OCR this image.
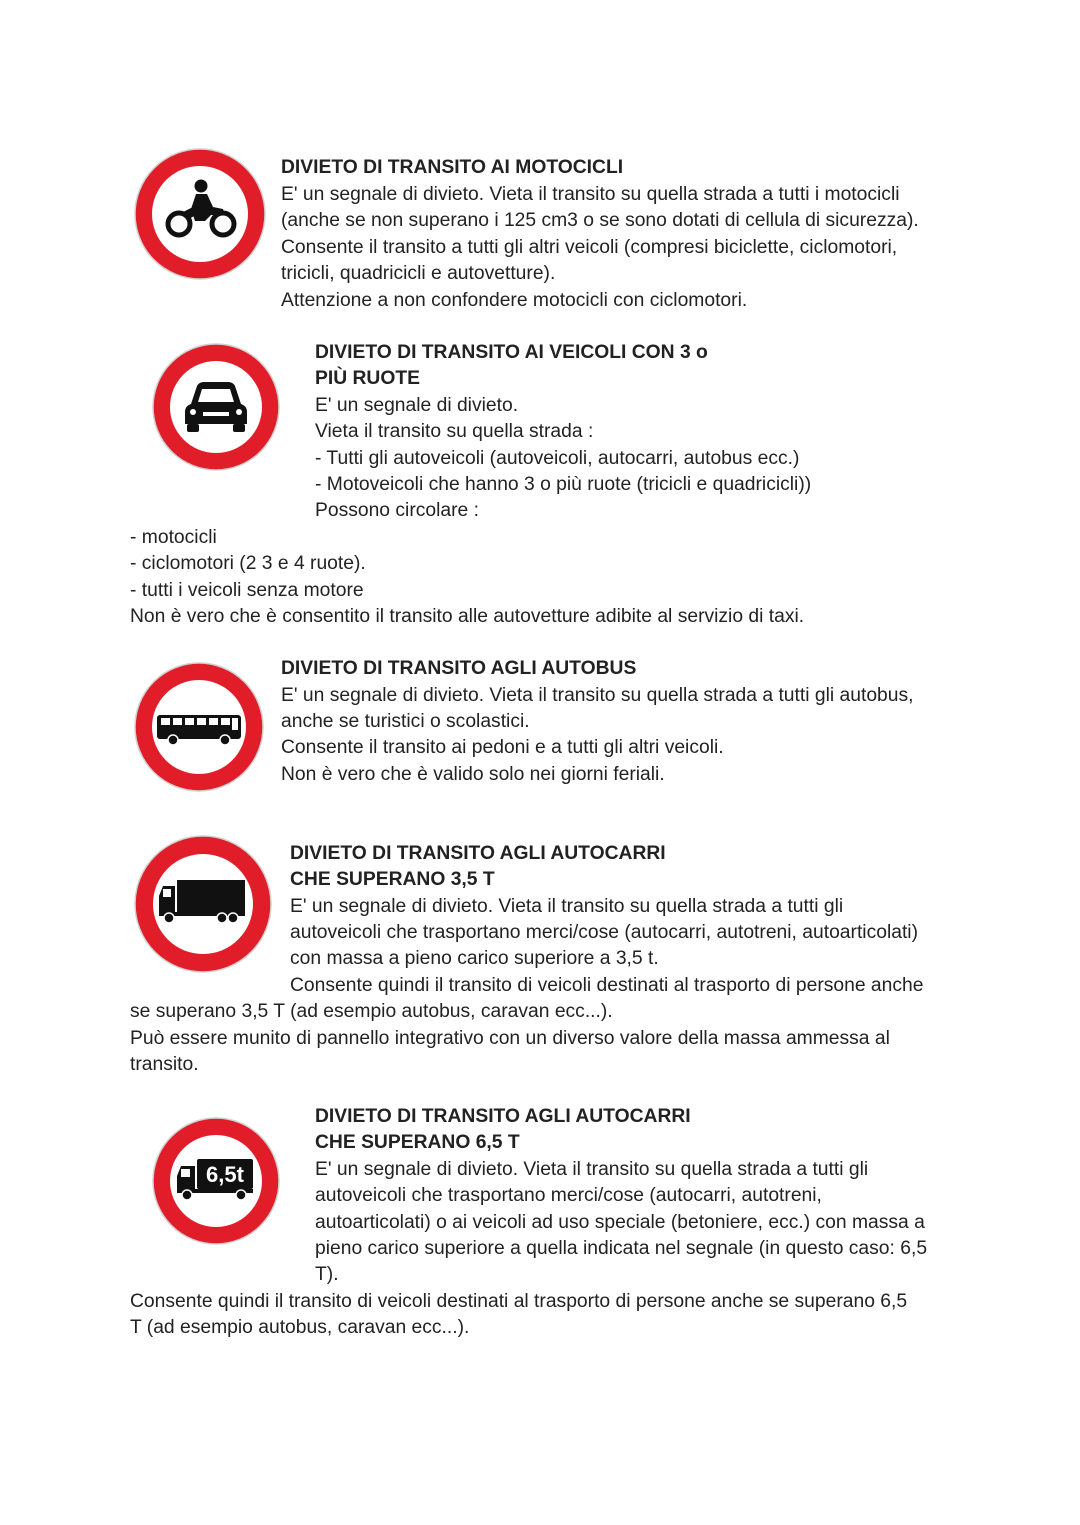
DIVIETO DI TRANSITO AI MOTOCICLI

E' un segnale di divieto. Vieta il transito su quella strada a tutti i motocicli

(anche se non superano i 125 cm3 o se sono dotati di cellula di sicurezza).

Consente il transito a tutti gli altri veicoli (compresi biciclette, ciclomotori,

tricicli, quadricicli e autovetture).

Attenzione a non confondere motocicli con ciclomotori.

DIVIETO DI TRANSITO AI VEICOLI CON 3 o

PIÙ RUOTE

E' un segnale di divieto.

Vieta il transito su quella strada :

- Tutti gli autoveicoli (autoveicoli, autocarri, autobus ecc.)

- Motoveicoli che hanno 3 o più ruote (tricicli e quadricicli))

Possono circolare :

- motocicli

- ciclomotori (2 3 e 4 ruote).

- tutti i veicoli senza motore

Non è vero che è consentito il transito alle autovetture adibite al servizio di taxi.

DIVIETO DI TRANSITO AGLI AUTOBUS

E' un segnale di divieto. Vieta il transito su quella strada a tutti gli autobus,

anche se turistici o scolastici.

Consente il transito ai pedoni e a tutti gli altri veicoli.

Non è vero che è valido solo nei giorni feriali.

DIVIETO DI TRANSITO AGLI AUTOCARRI

CHE SUPERANO 3,5 T

E' un segnale di divieto. Vieta il transito su quella strada a tutti gli

autoveicoli che trasportano merci/cose (autocarri, autotreni, autoarticolati)

con massa a pieno carico superiore a 3,5 t.

Consente quindi il transito di veicoli destinati al trasporto di persone anche

se superano 3,5 T (ad esempio autobus, caravan ecc...).

Può essere munito di pannello integrativo con un diverso valore della massa ammessa al

transito.

6,5t

DIVIETO DI TRANSITO AGLI AUTOCARRI

CHE SUPERANO 6,5 T

E' un segnale di divieto. Vieta il transito su quella strada a tutti gli

autoveicoli che trasportano merci/cose (autocarri, autotreni,

autoarticolati) o ai veicoli ad uso speciale (betoniere, ecc.) con massa a

pieno carico superiore a quella indicata nel segnale (in questo caso: 6,5

T).

Consente quindi il transito di veicoli destinati al trasporto di persone anche se superano 6,5

T (ad esempio autobus, caravan ecc...).
